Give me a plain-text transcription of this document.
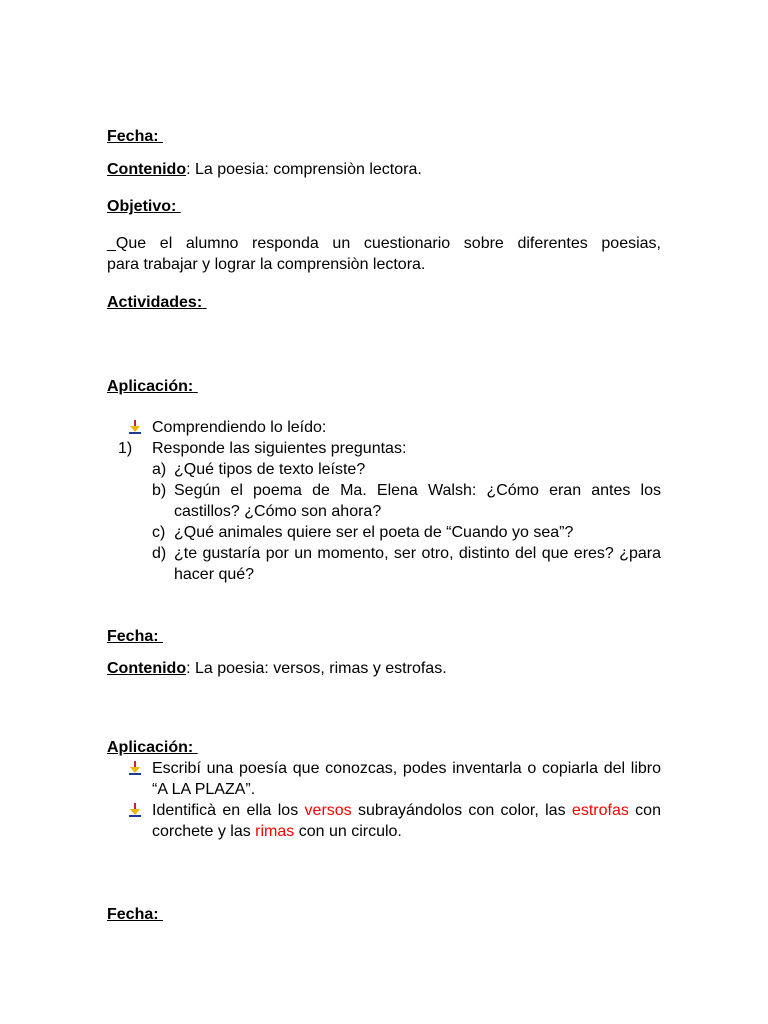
Fecha:
Contenido: La poesia: comprensiòn lectora.
Objetivo:
_Que el alumno responda un cuestionario sobre diferentes poesias,
para trabajar y lograr la comprensiòn lectora.
Actividades:
Aplicación:
Comprendiendo lo leído:
1)	Responde las siguientes preguntas:
a) ¿Qué tipos de texto leíste?
b) Según el poema de Ma. Elena Walsh: ¿Cómo eran antes los castillos? ¿Cómo son ahora?
c) ¿Qué animales quiere ser el poeta de “Cuando yo sea”?
d) ¿te gustaría por un momento, ser otro, distinto del que eres? ¿para hacer qué?
Fecha:
Contenido: La poesia: versos, rimas y estrofas.
Aplicación:
Escribí una poesía que conozcas, podes inventarla o copiarla del libro “A LA PLAZA”.
Identificà en ella los versos subrayándolos con color, las estrofas con corchete y las rimas con un circulo.
Fecha:
